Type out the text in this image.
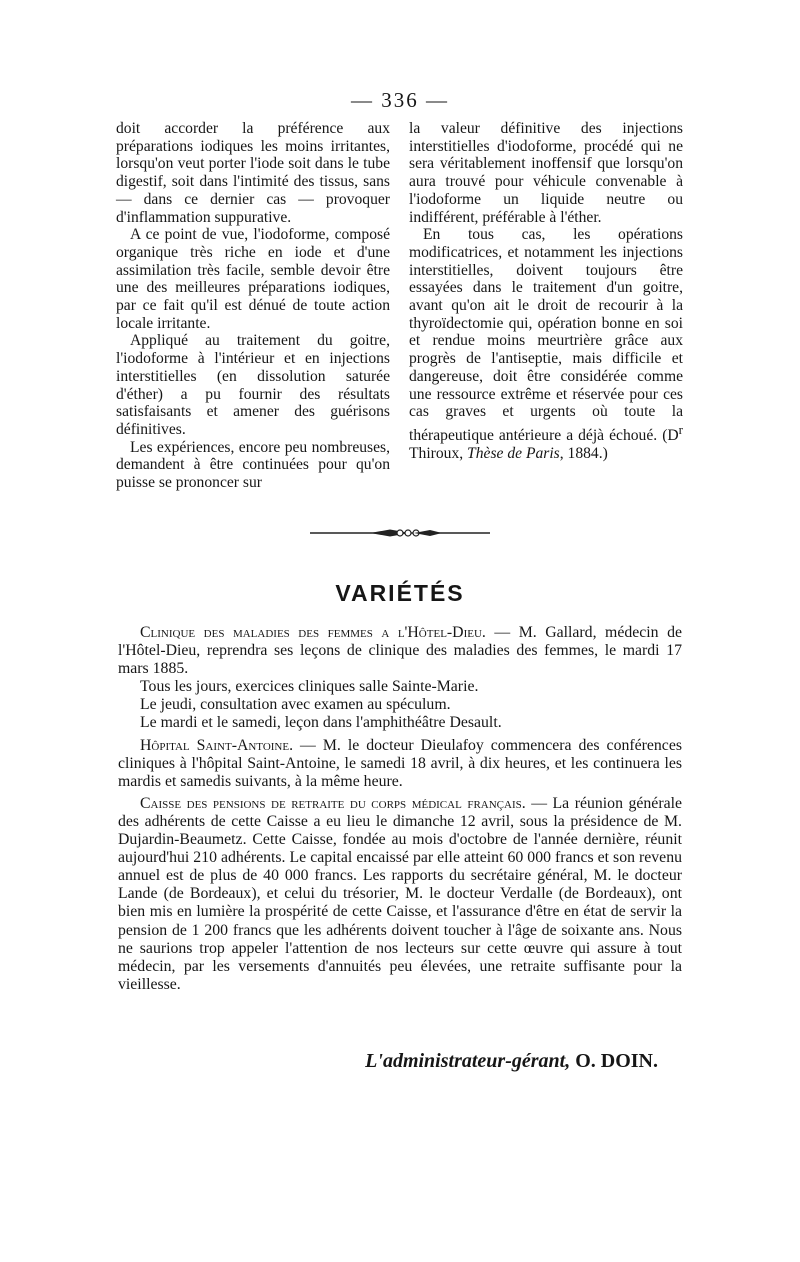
— 336 —

doit accorder la préférence aux préparations iodiques les moins irritantes, lorsqu'on veut porter l'iode soit dans le tube digestif, soit dans l'intimité des tissus, sans — dans ce dernier cas — provoquer d'inflammation suppurative.

A ce point de vue, l'iodoforme, composé organique très riche en iode et d'une assimilation très facile, semble devoir être une des meilleures préparations iodiques, par ce fait qu'il est dénué de toute action locale irritante.

Appliqué au traitement du goitre, l'iodoforme à l'intérieur et en injections interstitielles (en dissolution saturée d'éther) a pu fournir des résultats satisfaisants et amener des guérisons définitives.

Les expériences, encore peu nombreuses, demandent à être continuées pour qu'on puisse se prononcer sur

la valeur définitive des injections interstitielles d'iodoforme, procédé qui ne sera véritablement inoffensif que lorsqu'on aura trouvé pour véhicule convenable à l'iodoforme un liquide neutre ou indifférent, préférable à l'éther.

En tous cas, les opérations modificatrices, et notamment les injections interstitielles, doivent toujours être essayées dans le traitement d'un goitre, avant qu'on ait le droit de recourir à la thyroïdectomie qui, opération bonne en soi et rendue moins meurtrière grâce aux progrès de l'antiseptie, mais difficile et dangereuse, doit être considérée comme une ressource extrême et réservée pour ces cas graves et urgents où toute la thérapeutique antérieure a déjà échoué. ($D^r$ Thiroux, Thèse de Paris, 1884.)

VARIÉTÉS

Clinique des maladies des femmes a l'Hôtel-Dieu. — M. Gallard, médecin de l'Hôtel-Dieu, reprendra ses leçons de clinique des maladies des femmes, le mardi 17 mars 1885.

Tous les jours, exercices cliniques salle Sainte-Marie.

Le jeudi, consultation avec examen au spéculum.

Le mardi et le samedi, leçon dans l'amphithéâtre Desault.

Hôpital Saint-Antoine. — M. le docteur Dieulafoy commencera des conférences cliniques à l'hôpital Saint-Antoine, le samedi 18 avril, à dix heures, et les continuera les mardis et samedis suivants, à la même heure.

Caisse des pensions de retraite du corps médical français. — La réunion générale des adhérents de cette Caisse a eu lieu le dimanche 12 avril, sous la présidence de M. Dujardin-Beaumetz. Cette Caisse, fondée au mois d'octobre de l'année dernière, réunit aujourd'hui 210 adhérents. Le capital encaissé par elle atteint 60 000 francs et son revenu annuel est de plus de 40 000 francs. Les rapports du secrétaire général, M. le docteur Lande (de Bordeaux), et celui du trésorier, M. le docteur Verdalle (de Bordeaux), ont bien mis en lumière la prospérité de cette Caisse, et l'assurance d'être en état de servir la pension de 1 200 francs que les adhérents doivent toucher à l'âge de soixante ans. Nous ne saurions trop appeler l'attention de nos lecteurs sur cette œuvre qui assure à tout médecin, par les versements d'annuités peu élevées, une retraite suffisante pour la vieillesse.

L'administrateur-gérant, O. DOIN.
